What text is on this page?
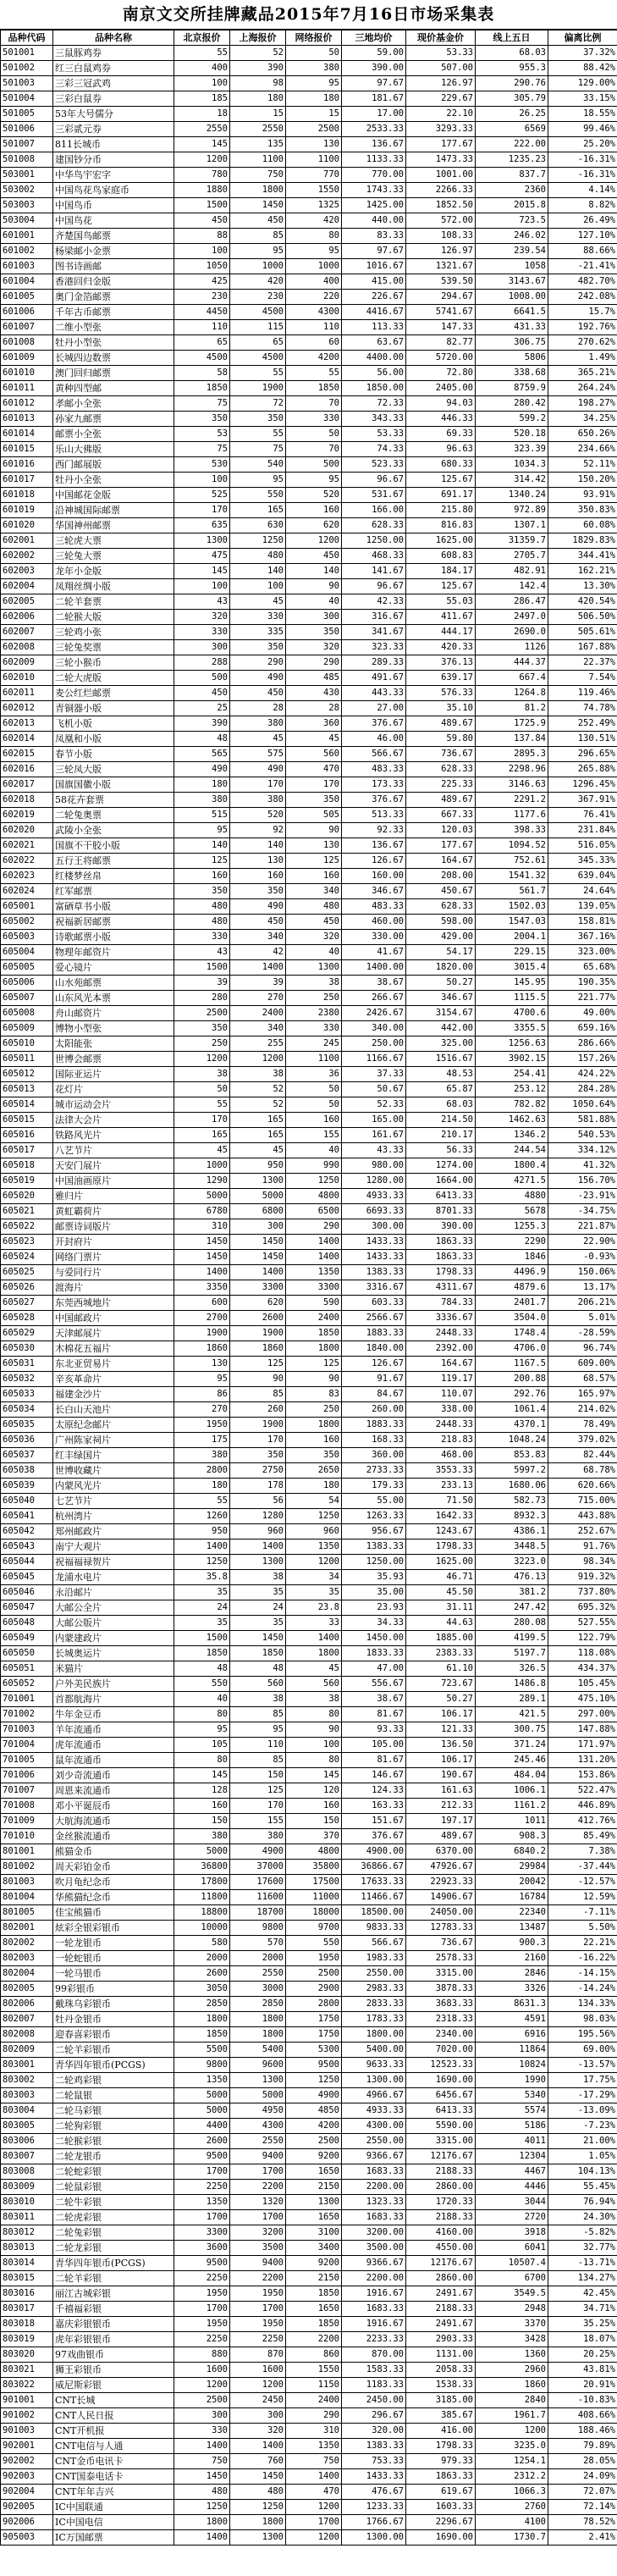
南京文交所挂牌藏品2015年7月16日市场采集表
品种代码	品种名称	北京报价	上海报价	网络报价	三地均价	现价基金价	线上五日	偏离比例
501001	三鼠豚鸡券	55	52	50	59.00	53.33	68.03	37.32%
501002	红三白鼠鸡券	400	390	380	390.00	507.00	955.3	88.42%
501003	三彩三冠武鸡	100	98	95	97.67	126.97	290.76	129.00%
501004	三彩白鼠券	185	180	180	181.67	229.67	305.79	33.15%
501005	53年大号儒分	18	15	15	17.00	22.10	26.25	18.55%
501006	三彩贰元券	2550	2550	2500	2533.33	3293.33	6569	99.46%
501007	811长城币	145	135	130	136.67	177.67	222.00	25.20%
501008	建国钞分币	1200	1100	1100	1133.33	1473.33	1235.23	-16.31%
503001	中华鸟宇宏字	780	750	770	770.00	1001.00	837.7	-16.31%
503002	中国鸟花鸟家庭币	1880	1800	1550	1743.33	2266.33	2360	4.14%
503003	中国鸟币	1500	1450	1325	1425.00	1852.50	2015.8	8.82%
503004	中国鸟花	450	450	420	440.00	572.00	723.5	26.49%
601001	齐楚国鸟邮票	88	85	80	83.33	108.33	246.02	127.10%
601002	杨梁邮小金票	100	95	95	97.67	126.97	239.54	88.66%
601003	图书诗画邮	1050	1000	1000	1016.67	1321.67	1058	-21.41%
601004	香港回归金版	425	420	400	415.00	539.50	3143.67	482.70%
601005	奥门金箔邮票	230	230	220	226.67	294.67	1008.00	242.08%
601006	千年古币邮票	4450	4500	4300	4416.67	5741.67	6641.5	15.7%
601007	二维小型张	110	115	110	113.33	147.33	431.33	192.76%
601008	牡丹小型张	65	65	60	63.67	82.77	306.75	270.62%
601009	长城四边数票	4500	4500	4200	4400.00	5720.00	5806	1.49%
601010	澳门回归邮票	58	55	55	56.00	72.80	338.68	365.21%
601011	黄种四型邮	1850	1900	1850	1850.00	2405.00	8759.9	264.24%
601012	孝邮小全张	75	72	70	72.33	94.03	280.42	198.27%
601013	孙家九邮票	350	350	330	343.33	446.33	599.2	34.25%
601014	邮票小全张	53	55	50	53.33	69.33	520.18	650.26%
601015	乐山大佛版	75	75	70	74.33	96.63	323.39	234.66%
601016	西门邮展版	530	540	500	523.33	680.33	1034.3	52.11%
601017	牡丹小全张	100	95	95	96.67	125.67	314.42	150.20%
601018	中国邮花金版	525	550	520	531.67	691.17	1340.24	93.91%
601019	沿神城国际邮票	170	165	160	166.00	215.80	972.89	350.83%
601020	华国神州邮票	635	630	620	628.33	816.83	1307.1	60.08%
602001	三轮虎大票	1300	1250	1200	1250.00	1625.00	31359.7	1829.83%
602002	三轮兔大票	475	480	450	468.33	608.83	2705.7	344.41%
602003	龙年小金版	145	140	140	141.67	184.17	482.91	162.21%
602004	凤翔丝绸小版	100	100	90	96.67	125.67	142.4	13.30%
602005	二轮羊套票	43	45	40	42.33	55.03	286.47	420.54%
602006	二轮猴大版	320	330	300	316.67	411.67	2497.0	506.50%
602007	三轮鸡小张	330	335	350	341.67	444.17	2690.0	505.61%
602008	三轮兔奖票	300	350	320	323.33	420.33	1126	167.88%
602009	三轮小猴币	288	290	290	289.33	376.13	444.37	22.37%
602010	二轮大虎版	500	490	485	491.67	639.17	667.4	7.54%
602011	麦公红烂邮票	450	450	430	443.33	576.33	1264.8	119.46%
602012	青铜器小版	25	28	28	27.00	35.10	81.2	74.78%
602013	飞机小版	390	380	360	376.67	489.67	1725.9	252.49%
602014	凤凰和小版	48	45	45	46.00	59.80	137.84	130.51%
602015	春节小版	565	575	560	566.67	736.67	2895.3	296.65%
602016	三轮凤大版	490	490	470	483.33	628.33	2298.96	265.88%
602017	国旗国徽小版	180	170	170	173.33	225.33	3146.63	1296.45%
602018	58花卉套票	380	380	350	376.67	489.67	2291.2	367.91%
602019	二轮兔奥票	515	520	505	513.33	667.33	1177.6	76.41%
602020	武陵小全张	95	92	90	92.33	120.03	398.33	231.84%
602021	国旗不干胶小版	140	140	130	136.67	177.67	1094.52	516.05%
602022	五行王将邮票	125	130	125	126.67	164.67	752.61	345.33%
602023	红楼梦丝帛	160	160	160	160.00	208.00	1541.32	639.04%
602024	红军邮票	350	350	340	346.67	450.67	561.7	24.64%
605001	富硒草书小版	480	490	480	483.33	628.33	1502.03	139.05%
605002	祝福新居邮票	480	450	450	460.00	598.00	1547.03	158.81%
605003	诗歌邮票小版	330	340	320	330.00	429.00	2004.1	367.16%
605004	物理年邮资片	43	42	40	41.67	54.17	229.15	323.00%
605005	爱心镜片	1500	1400	1300	1400.00	1820.00	3015.4	65.68%
605006	山水苑邮票	39	39	38	38.67	50.27	145.95	190.35%
605007	山东风光本票	280	270	250	266.67	346.67	1115.5	221.77%
605008	舟山邮资片	2500	2400	2380	2426.67	3154.67	4700.6	49.00%
605009	博物小型张	350	340	330	340.00	442.00	3355.5	659.16%
605010	太阳能张	250	255	245	250.00	325.00	1256.63	286.66%
605011	世博会邮票	1200	1200	1100	1166.67	1516.67	3902.15	157.26%
605012	国际亚运片	38	38	36	37.33	48.53	254.41	424.22%
605013	花灯片	50	52	50	50.67	65.87	253.12	284.28%
605014	城市运动会片	55	52	50	52.33	68.03	782.82	1050.64%
605015	法律大会片	170	165	160	165.00	214.50	1462.63	581.88%
605016	铁路风光片	165	165	155	161.67	210.17	1346.2	540.53%
605017	八艺节片	45	45	40	43.33	56.33	244.54	334.12%
605018	天安门展片	1000	950	990	980.00	1274.00	1800.4	41.32%
605019	中国油画原片	1290	1300	1250	1280.00	1664.00	4271.5	156.70%
605020	雅归片	5000	5000	4800	4933.33	6413.33	4880	-23.91%
605021	黄虹霸荷片	6780	6800	6500	6693.33	8701.33	5678	-34.75%
605022	邮票诗词版片	310	300	290	300.00	390.00	1255.3	221.87%
605023	开封府片	1450	1450	1400	1433.33	1863.33	2290	22.90%
605024	网络门票片	1450	1450	1400	1433.33	1863.33	1846	-0.93%
605025	与爱同行片	1400	1400	1350	1383.33	1798.33	4496.9	150.06%
605026	渡海片	3350	3300	3300	3316.67	4311.67	4879.6	13.17%
605027	东莞西城地片	600	620	590	603.33	784.33	2401.7	206.21%
605028	中国邮政片	2700	2600	2400	2566.67	3336.67	3504.0	5.01%
605029	天津邮展片	1900	1900	1850	1883.33	2448.33	1748.4	-28.59%
605030	木棉花五福片	1860	1860	1800	1840.00	2392.00	4706.0	96.74%
605031	东北亚贸易片	130	125	125	126.67	164.67	1167.5	609.00%
605032	辛亥革命片	95	90	90	91.67	119.17	200.88	68.57%
605033	福建金沙片	86	85	83	84.67	110.07	292.76	165.97%
605034	长白山天池片	270	260	250	260.00	338.00	1061.4	214.02%
605035	太原纪念邮片	1950	1900	1800	1883.33	2448.33	4370.1	78.49%
605036	广州陈家祠片	175	170	160	168.33	218.83	1048.24	379.02%
605037	红丰绿国片	380	350	350	360.00	468.00	853.83	82.44%
605038	世博收藏片	2800	2750	2650	2733.33	3553.33	5997.2	68.78%
605039	内蒙风光片	180	178	180	179.33	233.13	1680.06	620.66%
605040	七艺节片	55	56	54	55.00	71.50	582.73	715.00%
605041	杭州湾片	1260	1280	1250	1263.33	1642.33	8932.3	443.88%
605042	郑州邮政片	950	960	960	956.67	1243.67	4386.1	252.67%
605043	南宁大观片	1400	1400	1350	1383.33	1798.33	3448.5	91.76%
605044	祝福福禄贺片	1250	1300	1200	1250.00	1625.00	3223.0	98.34%
605045	龙浦水电片	35.8	38	34	35.93	46.71	476.13	919.32%
605046	永沿邮片	35	35	35	35.00	45.50	381.2	737.80%
605047	大邮公全片	24	24	23.8	23.93	31.11	247.42	695.32%
605048	大邮公版片	35	35	33	34.33	44.63	280.08	527.55%
605049	内蒙建政片	1500	1450	1400	1450.00	1885.00	4199.5	122.79%
605050	长城奥运片	1850	1850	1800	1833.33	2383.33	5197.7	118.08%
605051	米猫片	48	48	45	47.00	61.10	326.5	434.37%
605052	户外美民族片	550	560	560	556.67	723.67	1486.8	105.45%
701001	首都航海片	40	38	38	38.67	50.27	289.1	475.10%
701002	牛年金豆币	80	85	80	81.67	106.17	421.5	297.00%
701003	羊年流通币	95	95	90	93.33	121.33	300.75	147.88%
701004	虎年流通币	105	110	100	105.00	136.50	371.24	171.97%
701005	鼠年流通币	80	85	80	81.67	106.17	245.46	131.20%
701006	刘少奇流通币	145	150	145	146.67	190.67	484.04	153.86%
701007	周恩来流通币	128	125	120	124.33	161.63	1006.1	522.47%
701008	邓小平诞辰币	160	170	160	163.33	212.33	1161.2	446.89%
701009	大航海流通币	150	155	150	151.67	197.17	1011	412.76%
701010	金丝猴流通币	380	380	370	376.67	489.67	908.3	85.49%
801001	熊猫金币	5000	4900	4800	4900.00	6370.00	6840.2	7.38%
801002	周天彩铂金币	36800	37000	35800	36866.67	47926.67	29984	-37.44%
801003	吹月龟纪念币	17800	17600	17500	17633.33	22923.33	20042	-12.57%
801004	华熊猫纪念币	11800	11600	11000	11466.67	14906.67	16784	12.59%
801005	佳宝熊猫币	18800	18700	18000	18500.00	24050.00	22340	-7.11%
802001	炫彩全银彩银币	10000	9800	9700	9833.33	12783.33	13487	5.50%
802002	一轮龙银币	580	570	550	566.67	736.67	900.3	22.21%
802003	一轮蛇银币	2000	2000	1950	1983.33	2578.33	2160	-16.22%
802004	一轮马银币	2600	2550	2500	2550.00	3315.00	2846	-14.15%
802005	99彩银币	3050	3000	2900	2983.33	3878.33	3326	-14.24%
802006	戴珠乌彩银币	2850	2850	2800	2833.33	3683.33	8631.3	134.33%
802007	牡丹金银币	1800	1800	1750	1783.33	2318.33	4591	98.03%
802008	迎春喜彩银币	1850	1800	1750	1800.00	2340.00	6916	195.56%
802009	二轮羊彩银币	5500	5400	5300	5400.00	7020.00	11864	69.00%
803001	青华四年银币(PCGS)	9800	9600	9500	9633.33	12523.33	10824	-13.57%
803002	二轮鸡彩银	1350	1300	1250	1300.00	1690.00	1990	17.75%
803003	二轮鼠银	5000	5000	4900	4966.67	6456.67	5340	-17.29%
803004	二轮马彩银	5000	4950	4850	4933.33	6413.33	5574	-13.09%
803005	二轮狗彩银	4400	4300	4200	4300.00	5590.00	5186	-7.23%
803006	二轮猴彩银	2600	2550	2500	2550.00	3315.00	4011	21.00%
803007	二轮龙银币	9500	9400	9200	9366.67	12176.67	12304	1.05%
803008	二轮蛇彩银	1700	1700	1650	1683.33	2188.33	4467	104.13%
803009	二轮鼠彩银	2250	2200	2150	2200.00	2860.00	4446	55.45%
803010	二轮牛彩银	1350	1320	1300	1323.33	1720.33	3044	76.94%
803011	二轮虎彩银	1700	1700	1650	1683.33	2188.33	2720	24.30%
803012	二轮兔彩银	3300	3200	3100	3200.00	4160.00	3918	-5.82%
803013	二轮龙彩银	3600	3500	3400	3500.00	4550.00	6041	32.77%
803014	青华四年银币(PCGS)	9500	9400	9200	9366.67	12176.67	10507.4	-13.71%
803015	二轮羊彩银	2250	2200	2150	2200.00	2860.00	6700	134.27%
803016	丽江古城彩银	1950	1950	1850	1916.67	2491.67	3549.5	42.45%
803017	千禧福彩银	1700	1700	1650	1683.33	2188.33	2948	34.71%
803018	嘉庆彩银银币	1950	1950	1850	1916.67	2491.67	3370	35.25%
803019	虎年彩银银币	2250	2250	2200	2233.33	2903.33	3428	18.07%
803020	97戏曲银币	880	870	860	870.00	1131.00	1360	20.25%
803021	狮王彩银币	1600	1600	1550	1583.33	2058.33	2960	43.81%
803022	威尼斯彩银	1200	1200	1150	1183.33	1538.33	1860	20.91%
901001	CNT长城	2500	2450	2400	2450.00	3185.00	2840	-10.83%
901002	CNT人民日报	300	300	290	296.67	385.67	1961.7	408.66%
901003	CNT开机报	330	320	310	320.00	416.00	1200	188.46%
902001	CNT电信与人通	1400	1400	1350	1383.33	1798.33	3235.0	79.89%
902002	CNT金币电讯卡	750	760	750	753.33	979.33	1254.1	28.05%
902003	CNT国泰电话卡	1450	1450	1400	1433.33	1863.33	2312.2	24.09%
902004	CNT年年吉兴	480	480	470	476.67	619.67	1066.3	72.07%
902005	IC中国联通	1250	1250	1200	1233.33	1603.33	2760	72.14%
902006	IC中国电信	1800	1800	1700	1766.67	2296.67	4100	78.52%
905003	IC万国邮票	1400	1300	1200	1300.00	1690.00	1730.7	2.41%
